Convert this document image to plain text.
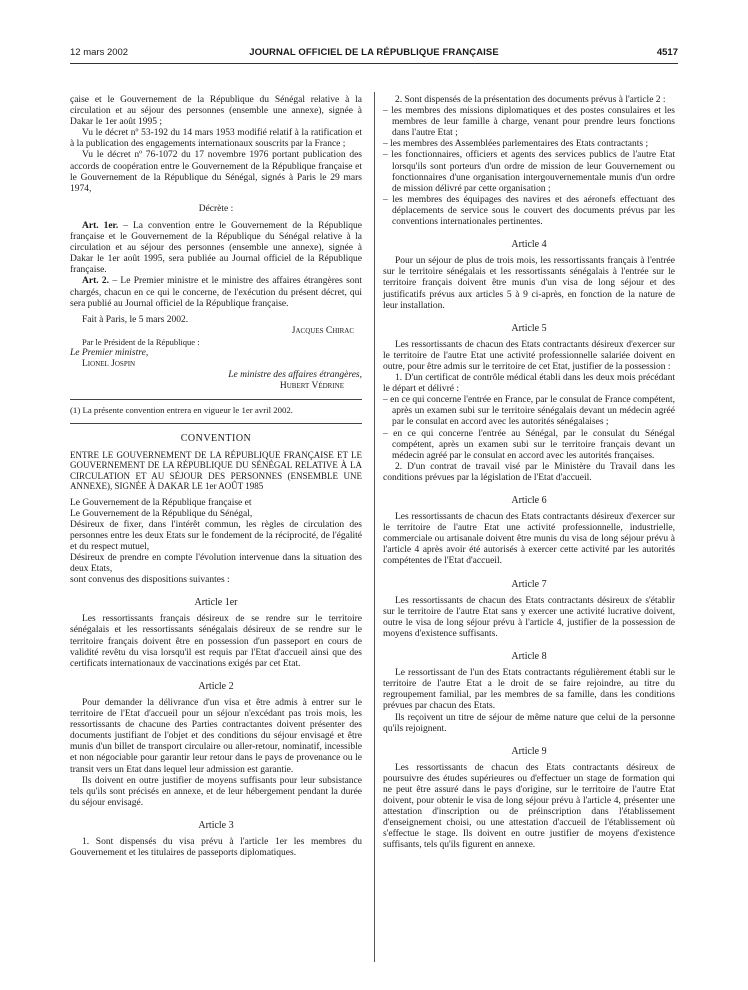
12 mars 2002	JOURNAL OFFICIEL DE LA RÉPUBLIQUE FRANÇAISE	4517

çaise et le Gouvernement de la République du Sénégal relative à la circulation et au séjour des personnes (ensemble une annexe), signée à Dakar le 1er août 1995 ;

Vu le décret nº 53-192 du 14 mars 1953 modifié relatif à la ratification et à la publication des engagements internationaux souscrits par la France ;

Vu le décret nº 76-1072 du 17 novembre 1976 portant publication des accords de coopération entre le Gouvernement de la République française et le Gouvernement de la République du Sénégal, signés à Paris le 29 mars 1974,

Décrète :

Art. 1er. – La convention entre le Gouvernement de la République française et le Gouvernement de la République du Sénégal relative à la circulation et au séjour des personnes (ensemble une annexe), signée à Dakar le 1er août 1995, sera publiée au Journal officiel de la République française.

Art. 2. – Le Premier ministre et le ministre des affaires étrangères sont chargés, chacun en ce qui le concerne, de l'exécution du présent décret, qui sera publié au Journal officiel de la République française.

Fait à Paris, le 5 mars 2002.

Jacques Chirac

Par le Président de la République :

Le Premier ministre,

Lionel Jospin

Le ministre des affaires étrangères,

Hubert Védrine

(1) La présente convention entrera en vigueur le 1er avril 2002.

CONVENTION

ENTRE LE GOUVERNEMENT DE LA RÉPUBLIQUE FRANÇAISE ET LE GOUVERNEMENT DE LA RÉPUBLIQUE DU SÉNÉGAL RELATIVE À LA CIRCULATION ET AU SÉJOUR DES PERSONNES (ENSEMBLE UNE ANNEXE), SIGNÉE À DAKAR LE 1er AOÛT 1985

Le Gouvernement de la République française et

Le Gouvernement de la République du Sénégal,

Désireux de fixer, dans l'intérêt commun, les règles de circulation des personnes entre les deux Etats sur le fondement de la réciprocité, de l'égalité et du respect mutuel,

Désireux de prendre en compte l'évolution intervenue dans la situation des deux Etats,

sont convenus des dispositions suivantes :

Article 1er

Les ressortissants français désireux de se rendre sur le territoire sénégalais et les ressortissants sénégalais désireux de se rendre sur le territoire français doivent être en possession d'un passeport en cours de validité revêtu du visa lorsqu'il est requis par l'Etat d'accueil ainsi que des certificats internationaux de vaccinations exigés par cet Etat.

Article 2

Pour demander la délivrance d'un visa et être admis à entrer sur le territoire de l'Etat d'accueil pour un séjour n'excédant pas trois mois, les ressortissants de chacune des Parties contractantes doivent présenter des documents justifiant de l'objet et des conditions du séjour envisagé et être munis d'un billet de transport circulaire ou aller-retour, nominatif, incessible et non négociable pour garantir leur retour dans le pays de provenance ou le transit vers un Etat dans lequel leur admission est garantie.

Ils doivent en outre justifier de moyens suffisants pour leur subsistance tels qu'ils sont précisés en annexe, et de leur hébergement pendant la durée du séjour envisagé.

Article 3

1. Sont dispensés du visa prévu à l'article 1er les membres du Gouvernement et les titulaires de passeports diplomatiques.

2. Sont dispensés de la présentation des documents prévus à l'article 2 :

– les membres des missions diplomatiques et des postes consulaires et les membres de leur famille à charge, venant pour prendre leurs fonctions dans l'autre Etat ;

– les membres des Assemblées parlementaires des Etats contractants ;

– les fonctionnaires, officiers et agents des services publics de l'autre Etat lorsqu'ils sont porteurs d'un ordre de mission de leur Gouvernement ou fonctionnaires d'une organisation intergouvernementale munis d'un ordre de mission délivré par cette organisation ;

– les membres des équipages des navires et des aéronefs effectuant des déplacements de service sous le couvert des documents prévus par les conventions internationales pertinentes.

Article 4

Pour un séjour de plus de trois mois, les ressortissants français à l'entrée sur le territoire sénégalais et les ressortissants sénégalais à l'entrée sur le territoire français doivent être munis d'un visa de long séjour et des justificatifs prévus aux articles 5 à 9 ci-après, en fonction de la nature de leur installation.

Article 5

Les ressortissants de chacun des Etats contractants désireux d'exercer sur le territoire de l'autre Etat une activité professionnelle salariée doivent en outre, pour être admis sur le territoire de cet Etat, justifier de la possession :

1. D'un certificat de contrôle médical établi dans les deux mois précédant le départ et délivré :

– en ce qui concerne l'entrée en France, par le consulat de France compétent, après un examen subi sur le territoire sénégalais devant un médecin agréé par le consulat en accord avec les autorités sénégalaises ;

– en ce qui concerne l'entrée au Sénégal, par le consulat du Sénégal compétent, après un examen subi sur le territoire français devant un médecin agréé par le consulat en accord avec les autorités françaises.

2. D'un contrat de travail visé par le Ministère du Travail dans les conditions prévues par la législation de l'Etat d'accueil.

Article 6

Les ressortissants de chacun des Etats contractants désireux d'exercer sur le territoire de l'autre Etat une activité professionnelle, industrielle, commerciale ou artisanale doivent être munis du visa de long séjour prévu à l'article 4 après avoir été autorisés à exercer cette activité par les autorités compétentes de l'Etat d'accueil.

Article 7

Les ressortissants de chacun des Etats contractants désireux de s'établir sur le territoire de l'autre Etat sans y exercer une activité lucrative doivent, outre le visa de long séjour prévu à l'article 4, justifier de la possession de moyens d'existence suffisants.

Article 8

Le ressortissant de l'un des Etats contractants régulièrement établi sur le territoire de l'autre Etat a le droit de se faire rejoindre, au titre du regroupement familial, par les membres de sa famille, dans les conditions prévues par chacun des Etats.

Ils reçoivent un titre de séjour de même nature que celui de la personne qu'ils rejoignent.

Article 9

Les ressortissants de chacun des Etats contractants désireux de poursuivre des études supérieures ou d'effectuer un stage de formation qui ne peut être assuré dans le pays d'origine, sur le territoire de l'autre Etat doivent, pour obtenir le visa de long séjour prévu à l'article 4, présenter une attestation d'inscription ou de préinscription dans l'établissement d'enseignement choisi, ou une attestation d'accueil de l'établissement où s'effectue le stage. Ils doivent en outre justifier de moyens d'existence suffisants, tels qu'ils figurent en annexe.
